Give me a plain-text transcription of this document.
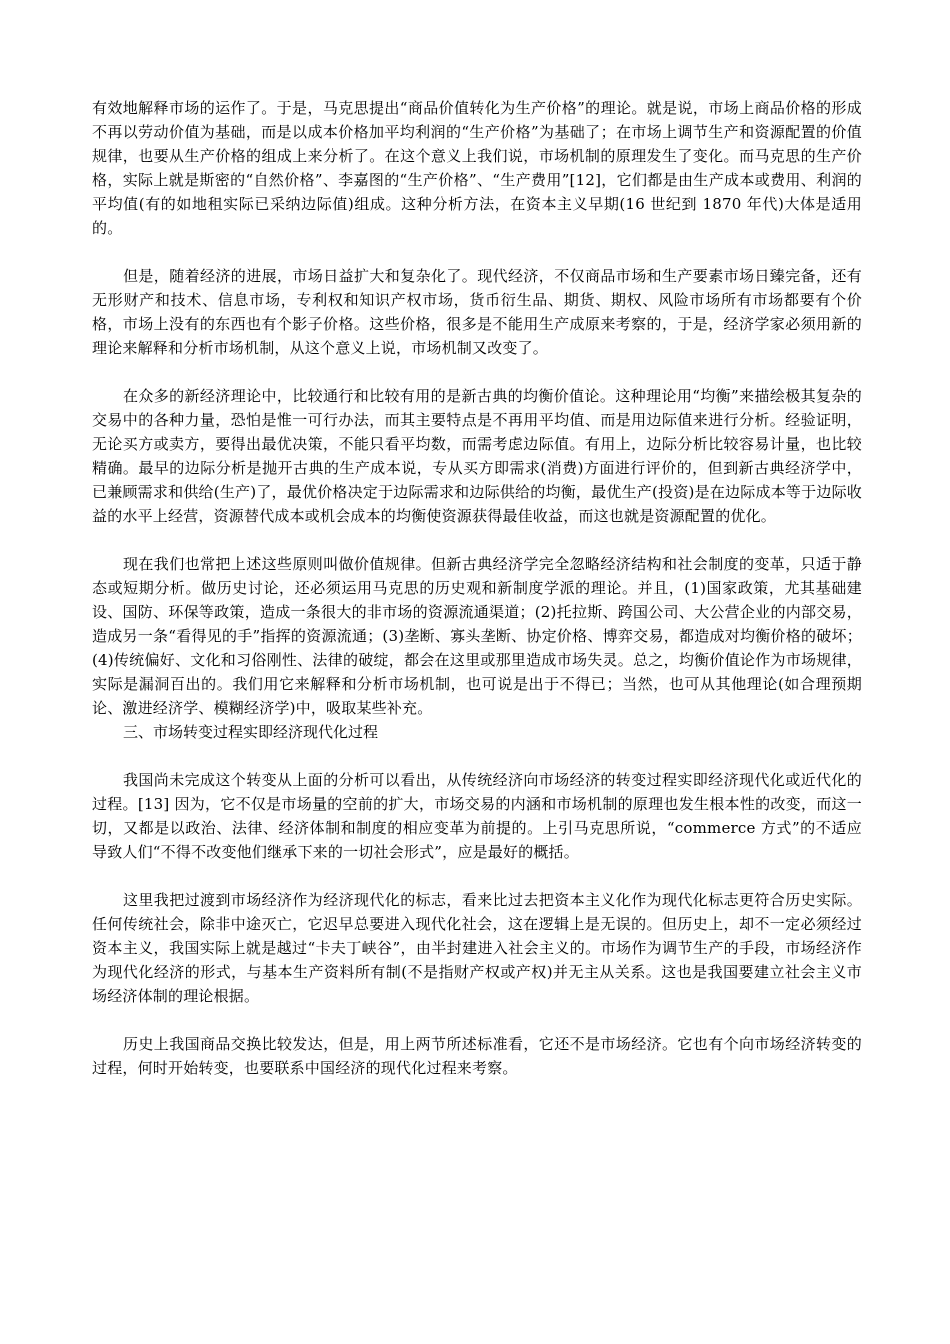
有效地解释市场的运作了。于是，马克思提出“商品价值转化为生产价格”的理论。就是说，市场上商品价格的形成不再以劳动价值为基础，而是以成本价格加平均利润的“生产价格”为基础了；在市场上调节生产和资源配置的价值规律，也要从生产价格的组成上来分析了。在这个意义上我们说，市场机制的原理发生了变化。而马克思的生产价格，实际上就是斯密的“自然价格”、李嘉图的“生产价格”、“生产费用”[12]，它们都是由生产成本或费用、利润的平均值(有的如地租实际已采纳边际值)组成。这种分析方法，在资本主义早期(16 世纪到 1870 年代)大体是适用的。

但是，随着经济的进展，市场日益扩大和复杂化了。现代经济，不仅商品市场和生产要素市场日臻完备，还有无形财产和技术、信息市场，专利权和知识产权市场，货币衍生品、期货、期权、风险市场所有市场都要有个价格，市场上没有的东西也有个影子价格。这些价格，很多是不能用生产成原来考察的，于是，经济学家必须用新的理论来解释和分析市场机制，从这个意义上说，市场机制又改变了。

在众多的新经济理论中，比较通行和比较有用的是新古典的均衡价值论。这种理论用“均衡”来描绘极其复杂的交易中的各种力量，恐怕是惟一可行办法，而其主要特点是不再用平均值、而是用边际值来进行分析。经验证明，无论买方或卖方，要得出最优决策，不能只看平均数，而需考虑边际值。有用上，边际分析比较容易计量，也比较精确。最早的边际分析是抛开古典的生产成本说，专从买方即需求(消费)方面进行评价的，但到新古典经济学中，已兼顾需求和供给(生产)了，最优价格决定于边际需求和边际供给的均衡，最优生产(投资)是在边际成本等于边际收益的水平上经营，资源替代成本或机会成本的均衡使资源获得最佳收益，而这也就是资源配置的优化。

现在我们也常把上述这些原则叫做价值规律。但新古典经济学完全忽略经济结构和社会制度的变革，只适于静态或短期分析。做历史讨论，还必须运用马克思的历史观和新制度学派的理论。并且，(1)国家政策，尤其基础建设、国防、环保等政策，造成一条很大的非市场的资源流通渠道；(2)托拉斯、跨国公司、大公营企业的内部交易，造成另一条“看得见的手”指挥的资源流通；(3)垄断、寡头垄断、协定价格、博弈交易，都造成对均衡价格的破坏；(4)传统偏好、文化和习俗刚性、法律的破绽，都会在这里或那里造成市场失灵。总之，均衡价值论作为市场规律，实际是漏洞百出的。我们用它来解释和分析市场机制，也可说是出于不得已；当然，也可从其他理论(如合理预期论、激进经济学、模糊经济学)中，吸取某些补充。

三、市场转变过程实即经济现代化过程

我国尚未完成这个转变从上面的分析可以看出，从传统经济向市场经济的转变过程实即经济现代化或近代化的过程。[13] 因为，它不仅是市场量的空前的扩大，市场交易的内涵和市场机制的原理也发生根本性的改变，而这一切，又都是以政治、法律、经济体制和制度的相应变革为前提的。上引马克思所说，“commerce 方式”的不适应导致人们“不得不改变他们继承下来的一切社会形式”，应是最好的概括。

这里我把过渡到市场经济作为经济现代化的标志，看来比过去把资本主义化作为现代化标志更符合历史实际。任何传统社会，除非中途灭亡，它迟早总要进入现代化社会，这在逻辑上是无误的。但历史上，却不一定必须经过资本主义，我国实际上就是越过“卡夫丁峡谷”，由半封建进入社会主义的。市场作为调节生产的手段，市场经济作为现代化经济的形式，与基本生产资料所有制(不是指财产权或产权)并无主从关系。这也是我国要建立社会主义市场经济体制的理论根据。

历史上我国商品交换比较发达，但是，用上两节所述标准看，它还不是市场经济。它也有个向市场经济转变的过程，何时开始转变，也要联系中国经济的现代化过程来考察。
